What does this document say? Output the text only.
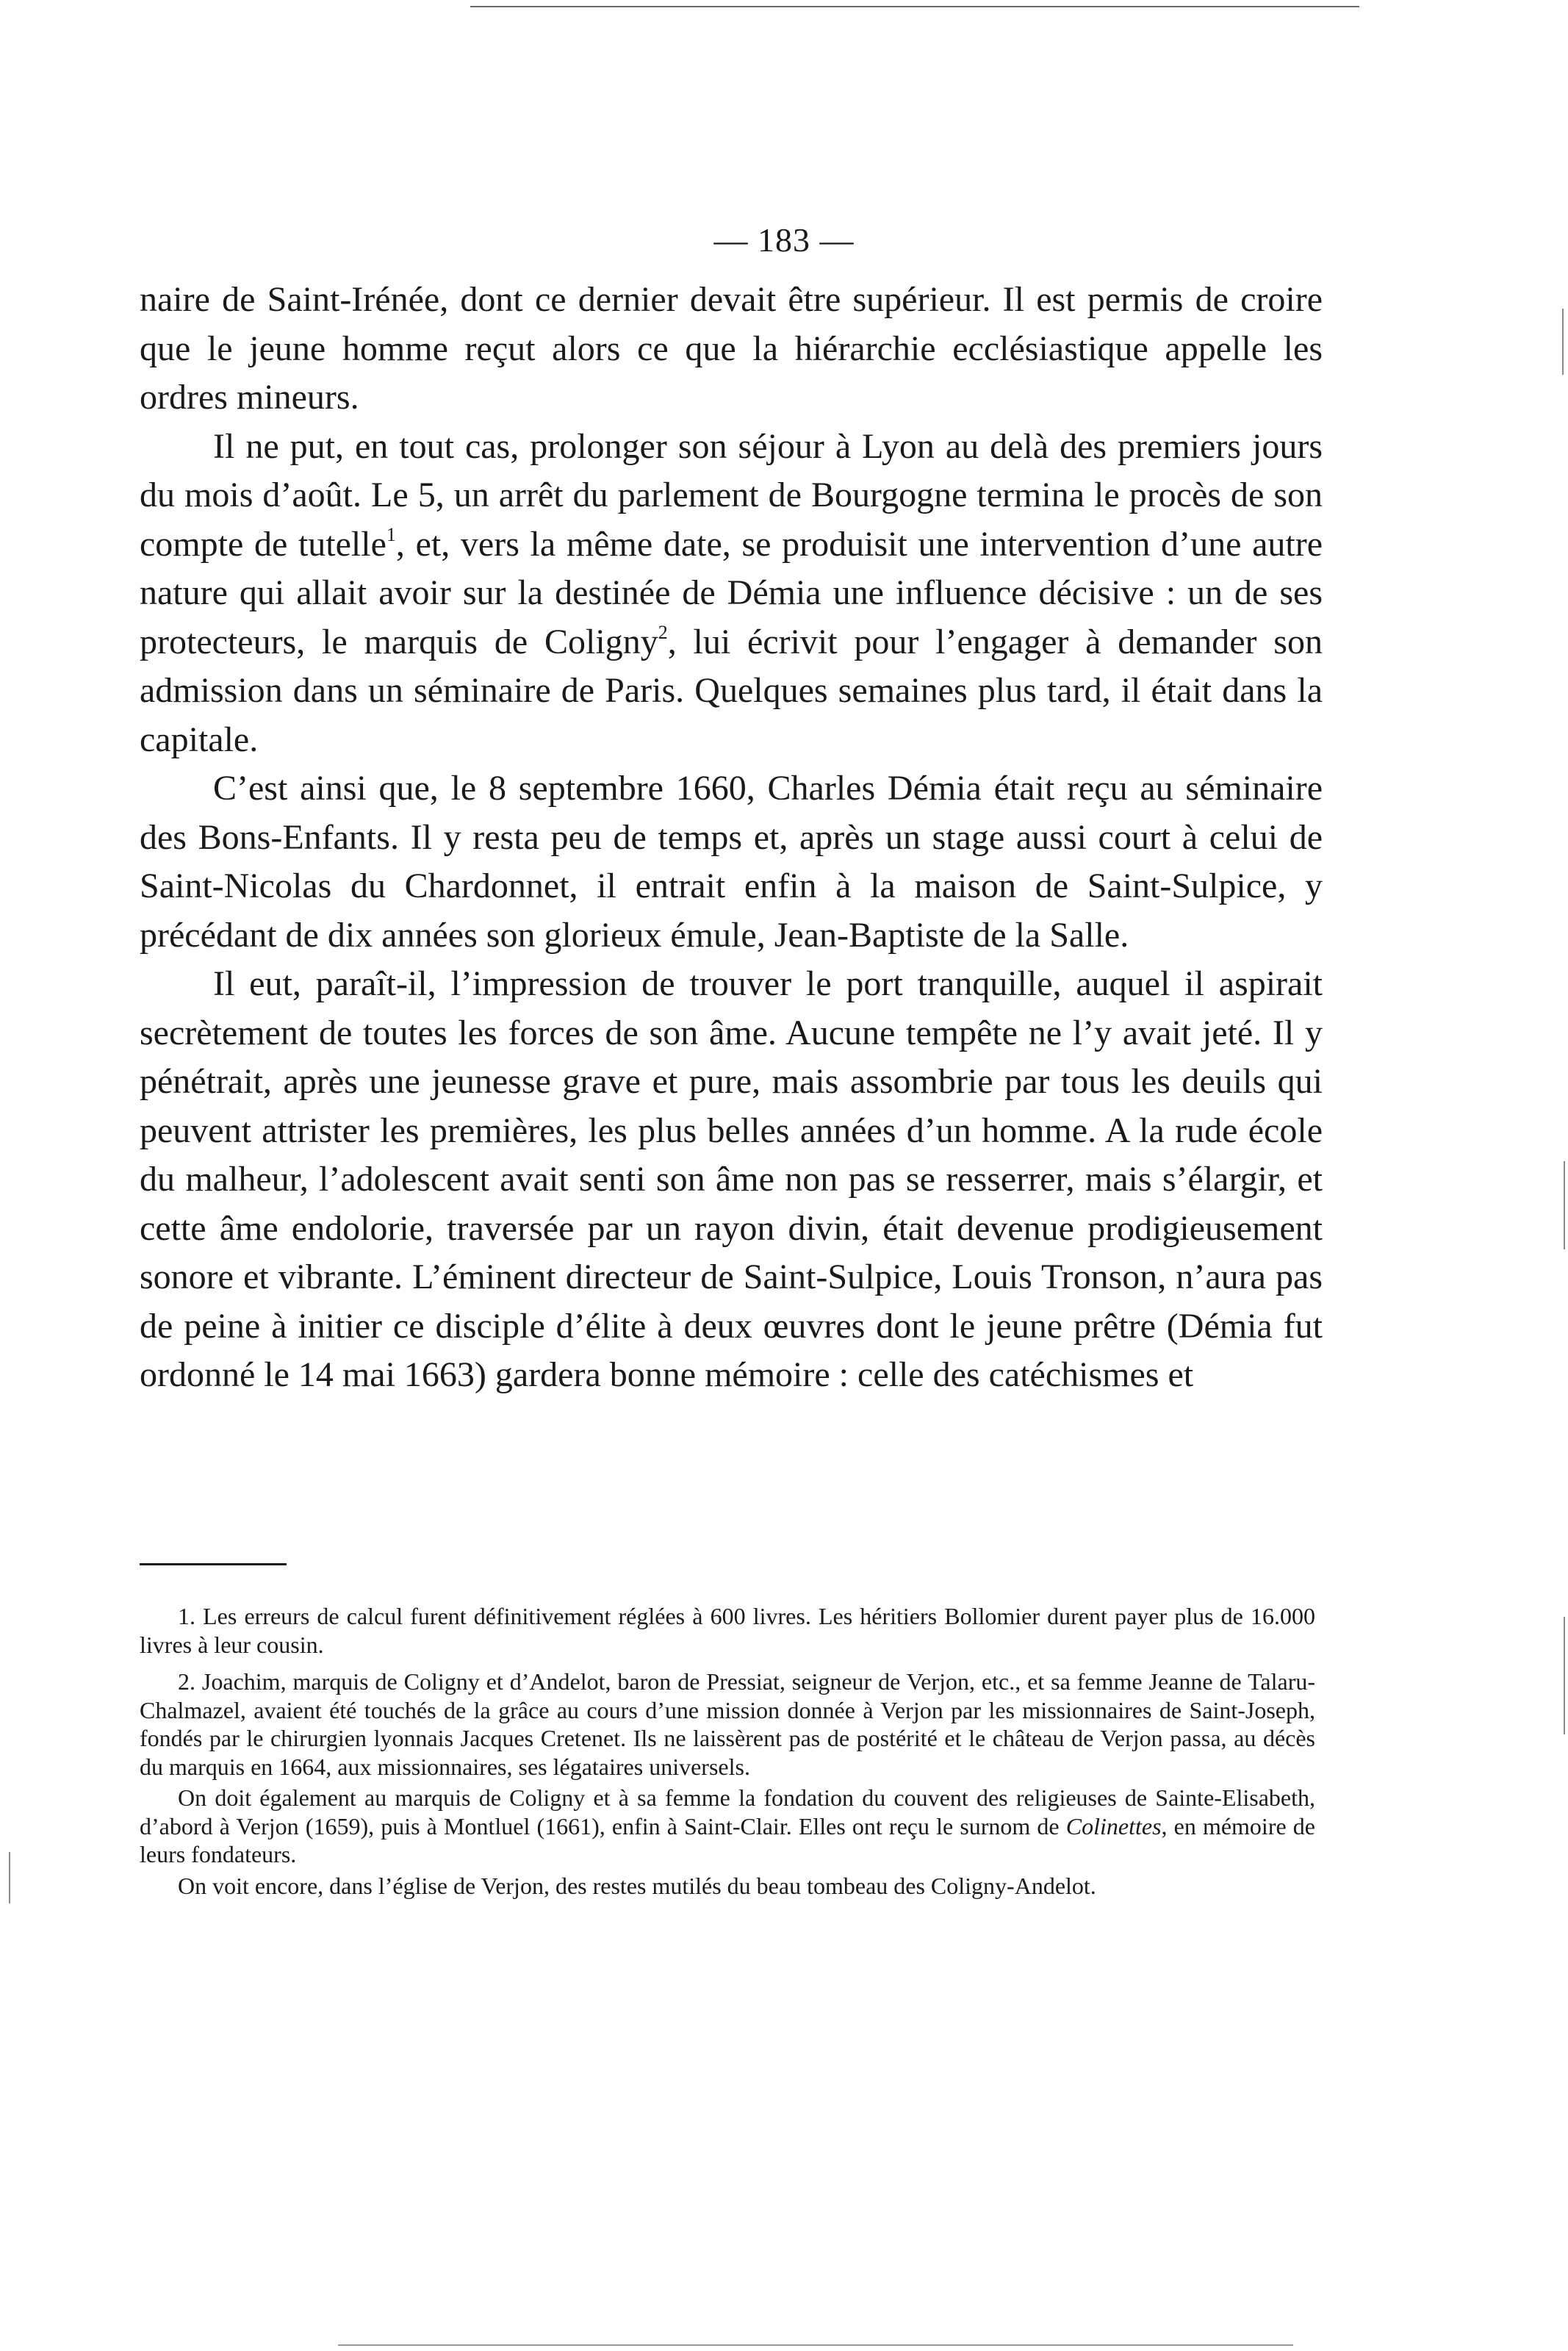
— 183 —

naire de Saint-Irénée, dont ce dernier devait être supérieur. Il est permis de croire que le jeune homme reçut alors ce que la hiérarchie ecclésiastique appelle les ordres mineurs.

Il ne put, en tout cas, prolonger son séjour à Lyon au delà des premiers jours du mois d’août. Le 5, un arrêt du parlement de Bourgogne termina le procès de son compte de tutelle$^1$, et, vers la même date, se produisit une intervention d’une autre nature qui allait avoir sur la destinée de Démia une influence décisive : un de ses protecteurs, le marquis de Coligny$^2$, lui écrivit pour l’engager à demander son admission dans un séminaire de Paris. Quelques semaines plus tard, il était dans la capitale.

C’est ainsi que, le 8 septembre 1660, Charles Démia était reçu au séminaire des Bons-Enfants. Il y resta peu de temps et, après un stage aussi court à celui de Saint-Nicolas du Chardonnet, il entrait enfin à la maison de Saint-Sulpice, y précédant de dix années son glorieux émule, Jean-Baptiste de la Salle.

Il eut, paraît-il, l’impression de trouver le port tranquille, auquel il aspirait secrètement de toutes les forces de son âme. Aucune tempête ne l’y avait jeté. Il y pénétrait, après une jeunesse grave et pure, mais assombrie par tous les deuils qui peuvent attrister les premières, les plus belles années d’un homme. A la rude école du malheur, l’adolescent avait senti son âme non pas se resserrer, mais s’élargir, et cette âme endolorie, traversée par un rayon divin, était devenue prodigieusement sonore et vibrante. L’éminent directeur de Saint-Sulpice, Louis Tronson, n’aura pas de peine à initier ce disciple d’élite à deux œuvres dont le jeune prêtre (Démia fut ordonné le 14 mai 1663) gardera bonne mémoire : celle des catéchismes et

1. Les erreurs de calcul furent définitivement réglées à 600 livres. Les héritiers Bollomier durent payer plus de 16.000 livres à leur cousin.

2. Joachim, marquis de Coligny et d’Andelot, baron de Pressiat, seigneur de Verjon, etc., et sa femme Jeanne de Talaru-Chalmazel, avaient été touchés de la grâce au cours d’une mission donnée à Verjon par les missionnaires de Saint-Joseph, fondés par le chirurgien lyonnais Jacques Cretenet. Ils ne laissèrent pas de postérité et le château de Verjon passa, au décès du marquis en 1664, aux missionnaires, ses légataires universels.

On doit également au marquis de Coligny et à sa femme la fondation du couvent des religieuses de Sainte-Elisabeth, d’abord à Verjon (1659), puis à Montluel (1661), enfin à Saint-Clair. Elles ont reçu le surnom de Colinettes, en mémoire de leurs fondateurs.

On voit encore, dans l’église de Verjon, des restes mutilés du beau tombeau des Coligny-Andelot.
